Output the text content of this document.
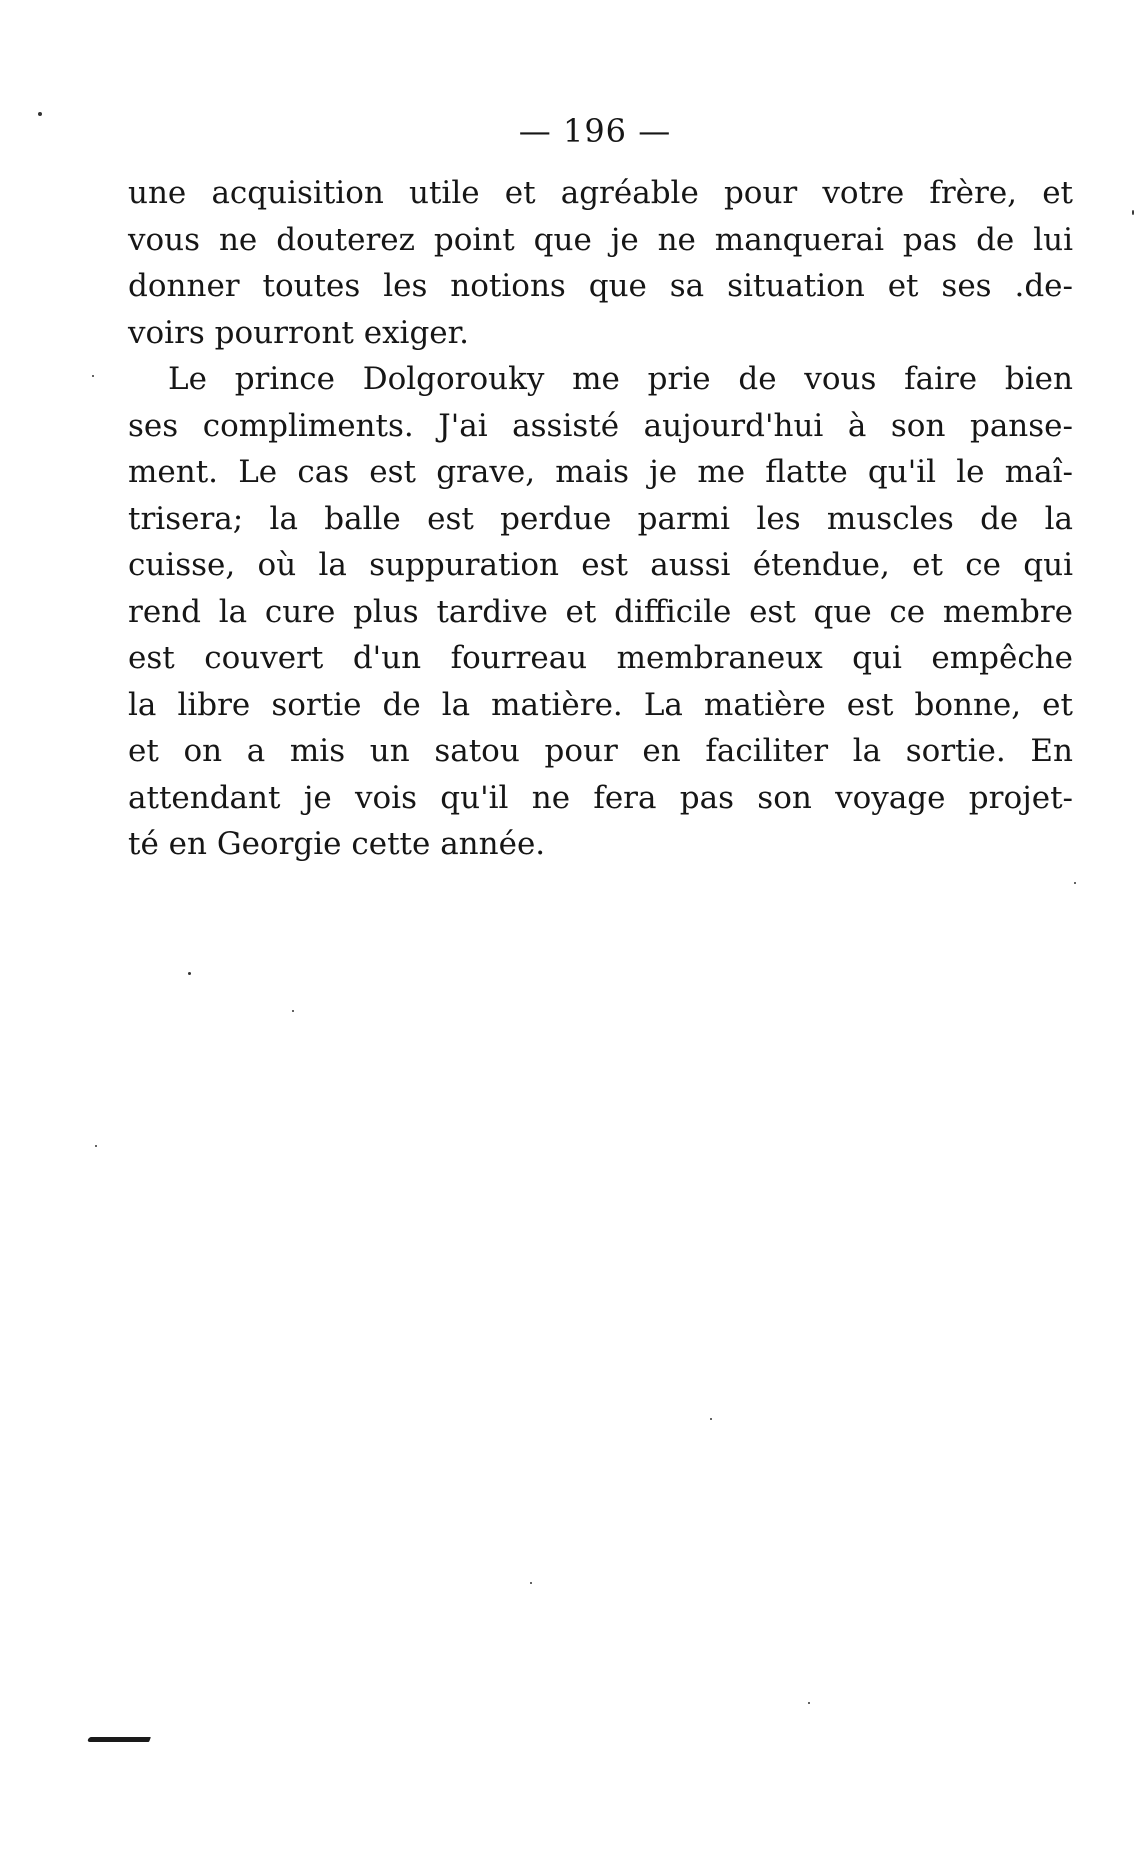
— 196 —
une acquisition utile et agréable pour votre frère, et
vous ne douterez point que je ne manquerai pas de lui
donner toutes les notions que sa situation et ses .de-
voirs pourront exiger.
Le prince Dolgorouky me prie de vous faire bien
ses compliments. J'ai assisté aujourd'hui à son panse-
ment. Le cas est grave, mais je me flatte qu'il le maî-
trisera; la balle est perdue parmi les muscles de la
cuisse, où la suppuration est aussi étendue, et ce qui
rend la cure plus tardive et difficile est que ce membre
est couvert d'un fourreau membraneux qui empêche
la libre sortie de la matière. La matière est bonne, et
et on a mis un satou pour en faciliter la sortie. En
attendant je vois qu'il ne fera pas son voyage projet-
té en Georgie cette année.
